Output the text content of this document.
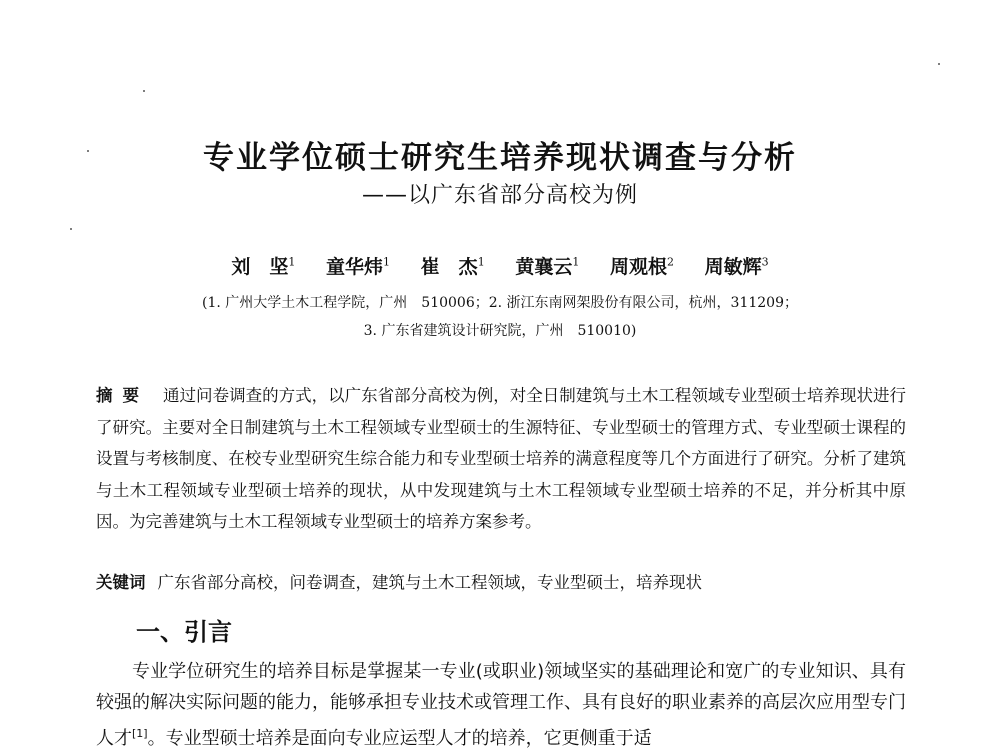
专业学位硕士研究生培养现状调查与分析
——以广东省部分高校为例
刘　坚$^1$ 童华炜$^1$ 崔　杰$^1$ 黄襄云$^1$ 周观根$^2$ 周敏辉$^3$
(1. 广州大学土木工程学院，广州　510006；2. 浙江东南网架股份有限公司，杭州，311209；
3. 广东省建筑设计研究院，广州　510010)
摘要 通过问卷调查的方式，以广东省部分高校为例，对全日制建筑与土木工程领域专业型硕士培养现状进行了研究。主要对全日制建筑与土木工程领域专业型硕士的生源特征、专业型硕士的管理方式、专业型硕士课程的设置与考核制度、在校专业型研究生综合能力和专业型硕士培养的满意程度等几个方面进行了研究。分析了建筑与土木工程领域专业型硕士培养的现状，从中发现建筑与土木工程领域专业型硕士培养的不足，并分析其中原因。为完善建筑与土木工程领域专业型硕士的培养方案参考。
关键词 广东省部分高校，问卷调查，建筑与土木工程领域，专业型硕士，培养现状
一、引言
专业学位研究生的培养目标是掌握某一专业(或职业)领域坚实的基础理论和宽广的专业知识、具有较强的解决实际问题的能力，能够承担专业技术或管理工作、具有良好的职业素养的高层次应用型专门人才[1]。专业型硕士培养是面向专业应运型人才的培养，它更侧重于适
